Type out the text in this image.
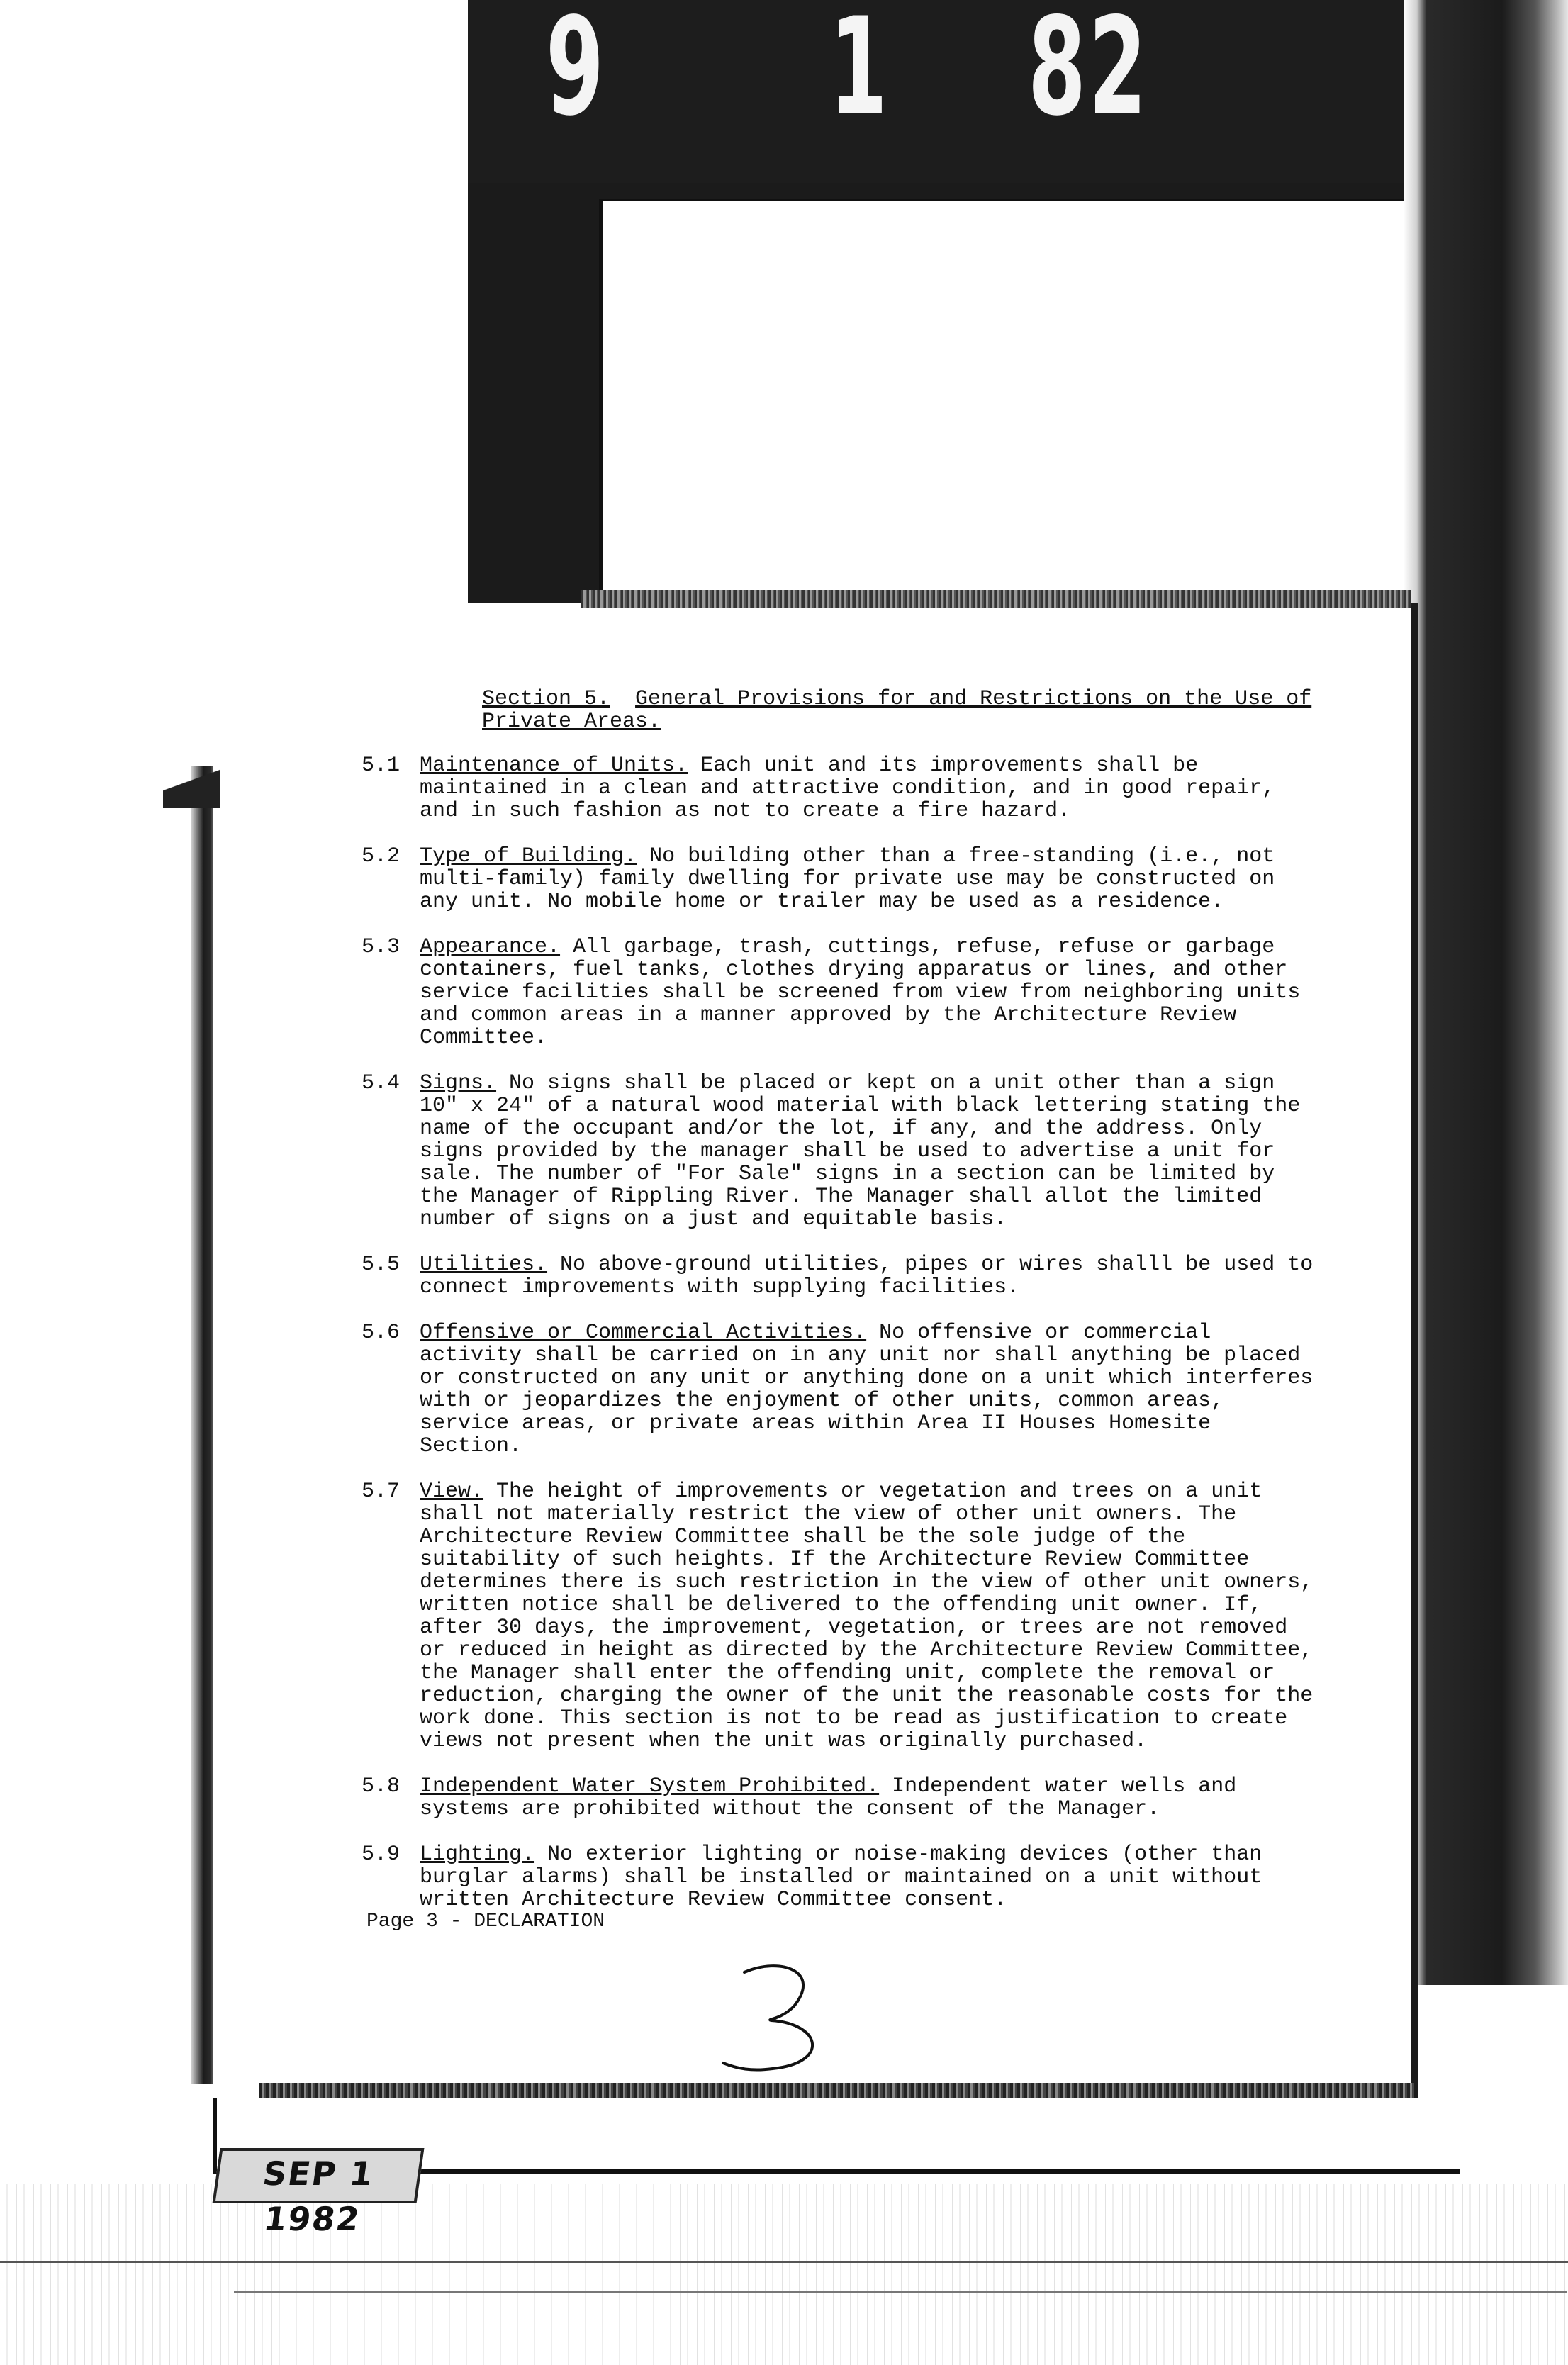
9 1 82
Section 5. General Provisions for and Restrictions on the Use of Private Areas.
5.1 Maintenance of Units. Each unit and its improvements shall be maintained in a clean and attractive condition, and in good repair, and in such fashion as not to create a fire hazard.
5.2 Type of Building. No building other than a free-standing (i.e., not multi-family) family dwelling for private use may be constructed on any unit. No mobile home or trailer may be used as a residence.
5.3 Appearance. All garbage, trash, cuttings, refuse, refuse or garbage containers, fuel tanks, clothes drying apparatus or lines, and other service facilities shall be screened from view from neighboring units and common areas in a manner approved by the Architecture Review Committee.
5.4 Signs. No signs shall be placed or kept on a unit other than a sign 10" x 24" of a natural wood material with black lettering stating the name of the occupant and/or the lot, if any, and the address. Only signs provided by the manager shall be used to advertise a unit for sale. The number of "For Sale" signs in a section can be limited by the Manager of Rippling River. The Manager shall allot the limited number of signs on a just and equitable basis.
5.5 Utilities. No above-ground utilities, pipes or wires shalll be used to connect improvements with supplying facilities.
5.6 Offensive or Commercial Activities. No offensive or commercial activity shall be carried on in any unit nor shall anything be placed or constructed on any unit or anything done on a unit which interferes with or jeopardizes the enjoyment of other units, common areas, service areas, or private areas within Area II Houses Homesite Section.
5.7 View. The height of improvements or vegetation and trees on a unit shall not materially restrict the view of other unit owners. The Architecture Review Committee shall be the sole judge of the suitability of such heights. If the Architecture Review Committee determines there is such restriction in the view of other unit owners, written notice shall be delivered to the offending unit owner. If, after 30 days, the improvement, vegetation, or trees are not removed or reduced in height as directed by the Architecture Review Committee, the Manager shall enter the offending unit, complete the removal or reduction, charging the owner of the unit the reasonable costs for the work done. This section is not to be read as justification to create views not present when the unit was originally purchased.
5.8 Independent Water System Prohibited. Independent water wells and systems are prohibited without the consent of the Manager.
5.9 Lighting. No exterior lighting or noise-making devices (other than burglar alarms) shall be installed or maintained on a unit without written Architecture Review Committee consent.
Page 3 - DECLARATION
SEP 1 1982
